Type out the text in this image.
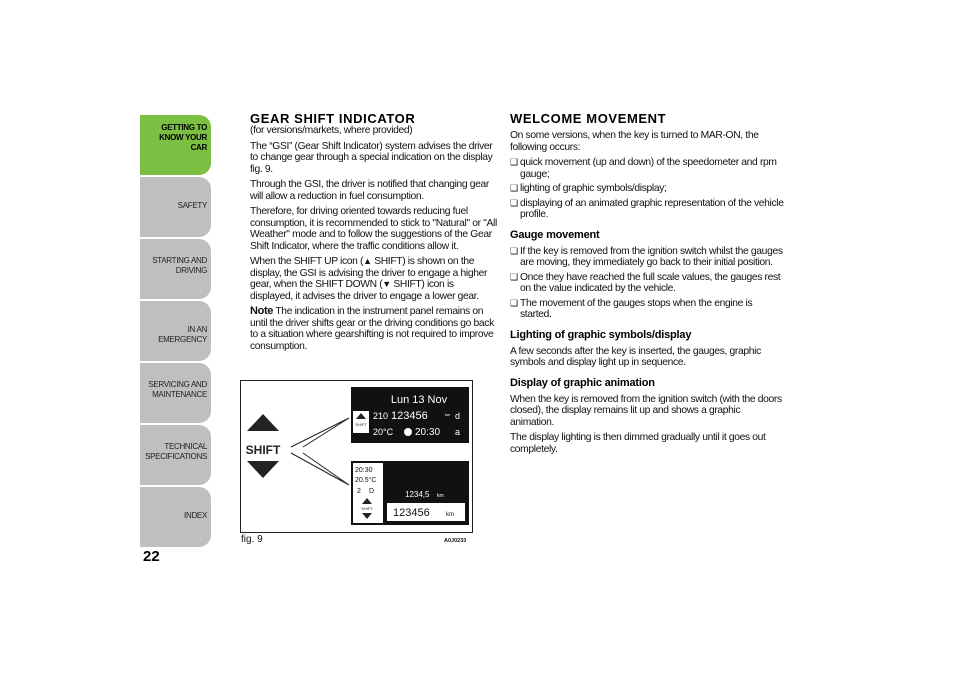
GETTING TO KNOW YOUR CAR
SAFETY
STARTING AND DRIVING
IN AN EMERGENCY
SERVICING AND MAINTENANCE
TECHNICAL SPECIFICATIONS
INDEX
22
GEAR SHIFT INDICATOR

(for versions/markets, where provided)

The “GSI” (Gear Shift Indicator) system advises the driver to change gear through a special indication on the display fig. 9.

Through the GSI, the driver is notified that changing gear will allow a reduction in fuel consumption.

Therefore, for driving oriented towards reducing fuel consumption, it is recommended to stick to "Natural" or "All Weather" mode and to follow the suggestions of the Gear Shift Indicator, where the traffic conditions allow it.

When the SHIFT UP icon (▲ SHIFT) is shown on the display, the GSI is advising the driver to engage a higher gear, when the SHIFT DOWN (▼ SHIFT) icon is displayed, it advises the driver to engage a lower gear.

Note The indication in the instrument panel remains on until the driver shifts gear or the driving conditions go back to a situation where gearshifting is not required to improve consumption.

SHIFT
Lun 13 Nov
SHIFT
210 123456	km d
20°C 20:30 a
20:30
20.5°C
2 D
SHIFT
1234,5 km
123456	km
fig. 9	A0J0233
WELCOME MOVEMENT

On some versions, when the key is turned to MAR-ON, the following occurs:

❑ quick movement (up and down) of the speedometer and rpm gauge;
❑ lighting of graphic symbols/display;
❑ displaying of an animated graphic representation of the vehicle profile.
Gauge movement
❑ If the key is removed from the ignition switch whilst the gauges are moving, they immediately go back to their initial position.
❑ Once they have reached the full scale values, the gauges rest on the value indicated by the vehicle.
❑ The movement of the gauges stops when the engine is started.
Lighting of graphic symbols/display

A few seconds after the key is inserted, the gauges, graphic symbols and display light up in sequence.

Display of graphic animation

When the key is removed from the ignition switch (with the doors closed), the display remains lit up and shows a graphic animation.

The display lighting is then dimmed gradually until it goes out completely.
